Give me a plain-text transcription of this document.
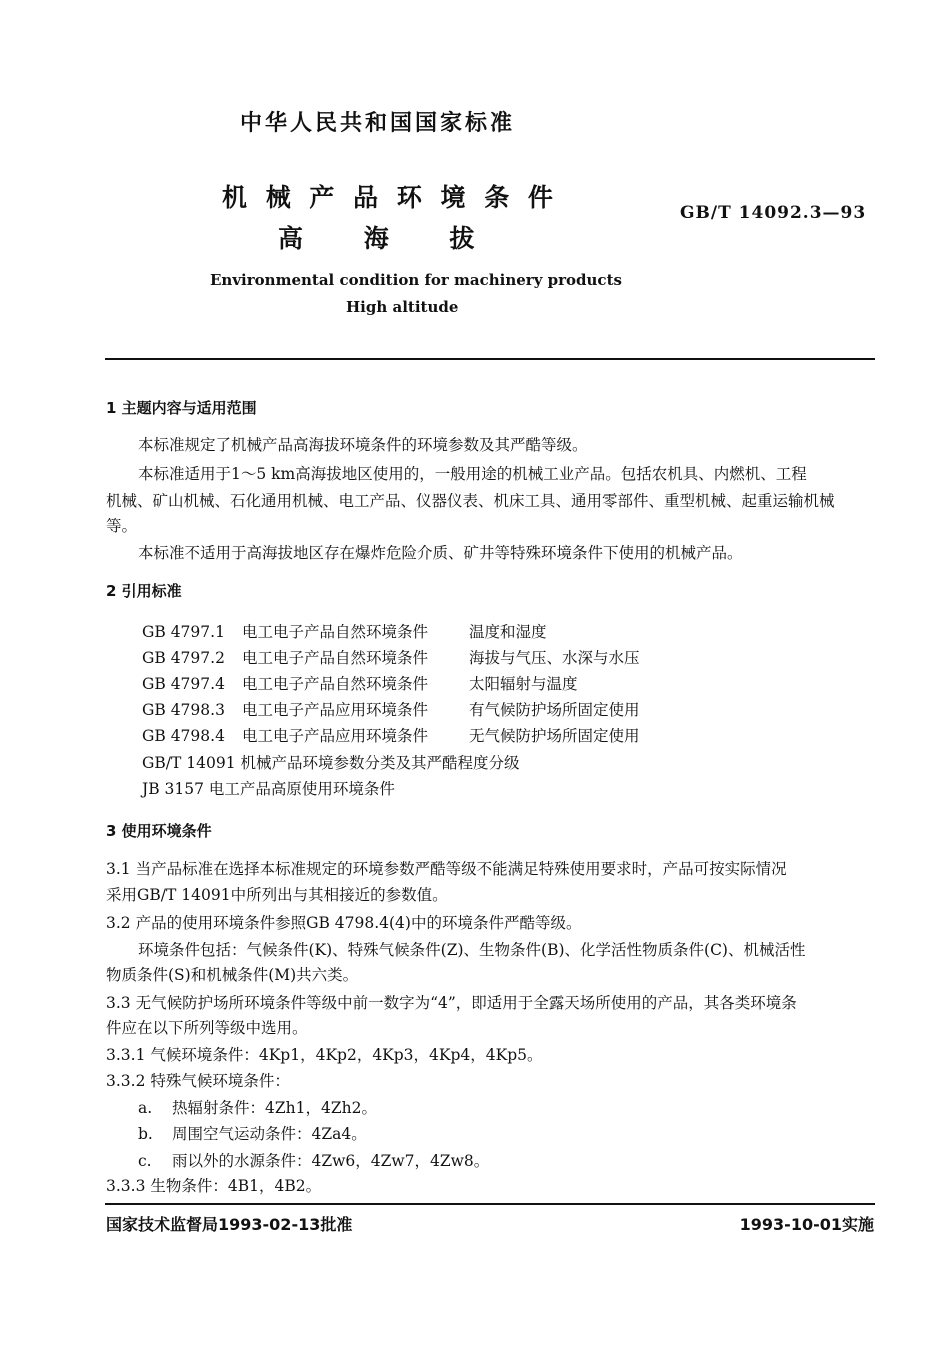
中华人民共和国国家标准
机 械 产 品 环 境 条 件
高 海 拔
GB/T 14092.3—93
Environmental condition for machinery products
High altitude
1 主题内容与适用范围
本标准规定了机械产品高海拔环境条件的环境参数及其严酷等级。
本标准适用于1～5 km高海拔地区使用的，一般用途的机械工业产品。包括农机具、内燃机、工程
机械、矿山机械、石化通用机械、电工产品、仪器仪表、机床工具、通用零部件、重型机械、起重运输机械
等。
本标准不适用于高海拔地区存在爆炸危险介质、矿井等特殊环境条件下使用的机械产品。
2 引用标准
GB 4797.1 电工电子产品自然环境条件	温度和湿度
GB 4797.2 电工电子产品自然环境条件	海拔与气压、水深与水压
GB 4797.4 电工电子产品自然环境条件	太阳辐射与温度
GB 4798.3 电工电子产品应用环境条件	有气候防护场所固定使用
GB 4798.4 电工电子产品应用环境条件	无气候防护场所固定使用
GB/T 14091 机械产品环境参数分类及其严酷程度分级
JB 3157 电工产品高原使用环境条件
3 使用环境条件
3.1 当产品标准在选择本标准规定的环境参数严酷等级不能满足特殊使用要求时，产品可按实际情况
采用GB/T 14091中所列出与其相接近的参数值。
3.2 产品的使用环境条件参照GB 4798.4(4)中的环境条件严酷等级。
环境条件包括：气候条件(K)、特殊气候条件(Z)、生物条件(B)、化学活性物质条件(C)、机械活性
物质条件(S)和机械条件(M)共六类。
3.3 无气候防护场所环境条件等级中前一数字为“4”，即适用于全露天场所使用的产品，其各类环境条
件应在以下所列等级中选用。
3.3.1 气候环境条件：4Kp1，4Kp2，4Kp3，4Kp4，4Kp5。
3.3.2 特殊气候环境条件：
a. 热辐射条件：4Zh1，4Zh2。
b. 周围空气运动条件：4Za4。
c. 雨以外的水源条件：4Zw6，4Zw7，4Zw8。
3.3.3 生物条件：4B1，4B2。
国家技术监督局1993-02-13批准	1993-10-01实施
